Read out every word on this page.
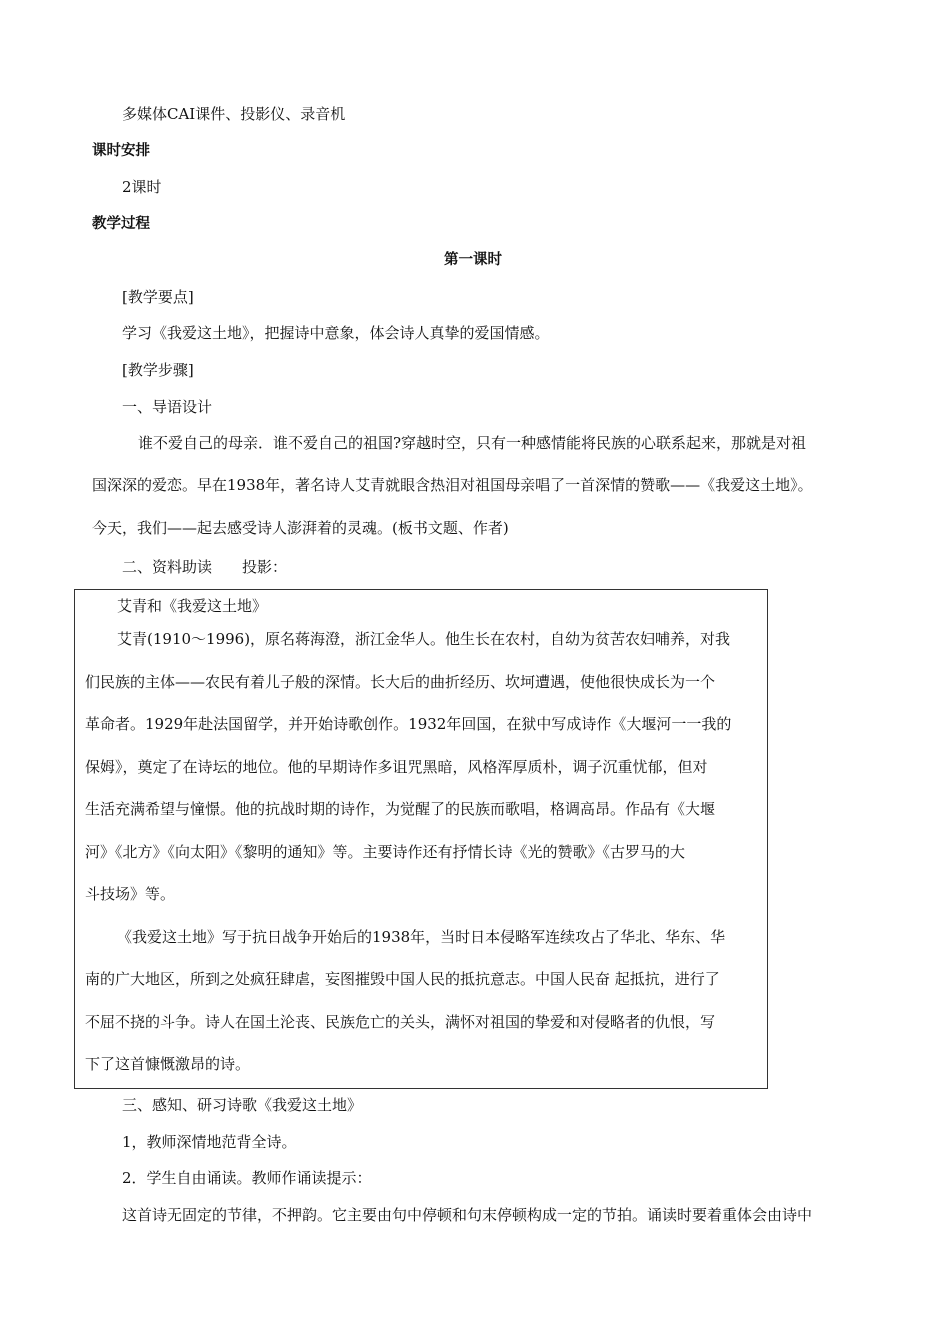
多媒体CAI课件、投影仪、录音机
课时安排
2课时
教学过程
第一课时
[教学要点]
学习《我爱这土地》，把握诗中意象，体会诗人真挚的爱国情感。
[教学步骤]
一、导语设计
谁不爱自己的母亲．谁不爱自己的祖国?穿越时空，只有一种感情能将民族的心联系起来，那就是对祖
国深深的爱恋。早在1938年，著名诗人艾青就眼含热泪对祖国母亲唱了一首深情的赞歌——《我爱这土地》。
今天，我们——起去感受诗人澎湃着的灵魂。(板书文题、作者)
二、资料助读　　投影：
艾青和《我爱这土地》
艾青(1910～1996)，原名蒋海澄，浙江金华人。他生长在农村，自幼为贫苦农妇哺养，对我
们民族的主体——农民有着儿子般的深情。长大后的曲折经历、坎坷遭遇，使他很快成长为一个
革命者。1929年赴法国留学，并开始诗歌创作。1932年回国，在狱中写成诗作《大堰河一一我的
保姆》，奠定了在诗坛的地位。他的早期诗作多诅咒黑暗，风格浑厚质朴，调子沉重忧郁，但对
生活充满希望与憧憬。他的抗战时期的诗作，为觉醒了的民族而歌唱，格调高昂。作品有《大堰
河》《北方》《向太阳》《黎明的通知》等。主要诗作还有抒情长诗《光的赞歌》《古罗马的大
斗技场》等。
《我爱这土地》写于抗日战争开始后的1938年，当时日本侵略军连续攻占了华北、华东、华
南的广大地区，所到之处疯狂肆虐，妄图摧毁中国人民的抵抗意志。中国人民奋 起抵抗，进行了
不屈不挠的斗争。诗人在国土沦丧、民族危亡的关头，满怀对祖国的挚爱和对侵略者的仇恨，写
下了这首慷慨激昂的诗。
三、感知、研习诗歌《我爱这土地》
1，教师深情地范背全诗。
2．学生自由诵读。教师作诵读提示：
这首诗无固定的节律，不押韵。它主要由句中停顿和句末停顿构成一定的节拍。诵读时要着重体会由诗中
